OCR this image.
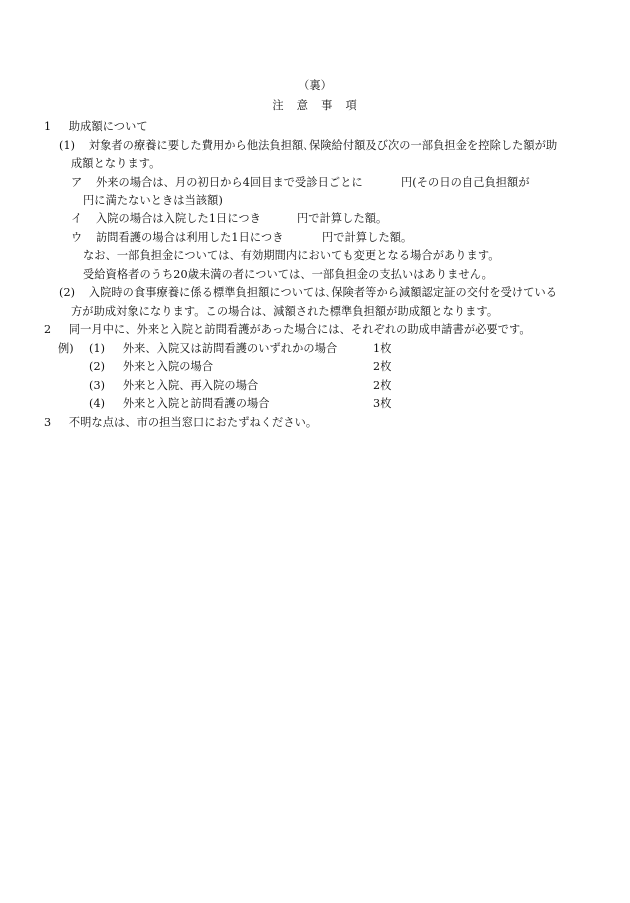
（裏）
注　意　事　項
1 助成額について
(1) 対象者の療養に要した費用から他法負担額､保険給付額及び次の一部負担金を控除した額が助
成額となります。
ア 外来の場合は、月の初日から4回目まで受診日ごとに	円(その日の自己負担額が
円に満たないときは当該額)
イ 入院の場合は入院した1日につき	円で計算した額。
ウ 訪問看護の場合は利用した1日につき	円で計算した額。
なお、一部負担金については、有効期間内においても変更となる場合があります。
受給資格者のうち20歳未満の者については、一部負担金の支払いはありません。
(2) 入院時の食事療養に係る標準負担額については､保険者等から減額認定証の交付を受けている
方が助成対象になります。この場合は、減額された標準負担額が助成額となります。
2 同一月中に、外来と入院と訪問看護があった場合には、それぞれの助成申請書が必要です。
例) (1) 外来、入院又は訪問看護のいずれかの場合	1枚
(2) 外来と入院の場合	2枚
(3) 外来と入院、再入院の場合	2枚
(4) 外来と入院と訪問看護の場合	3枚
3 不明な点は、市の担当窓口におたずねください。
